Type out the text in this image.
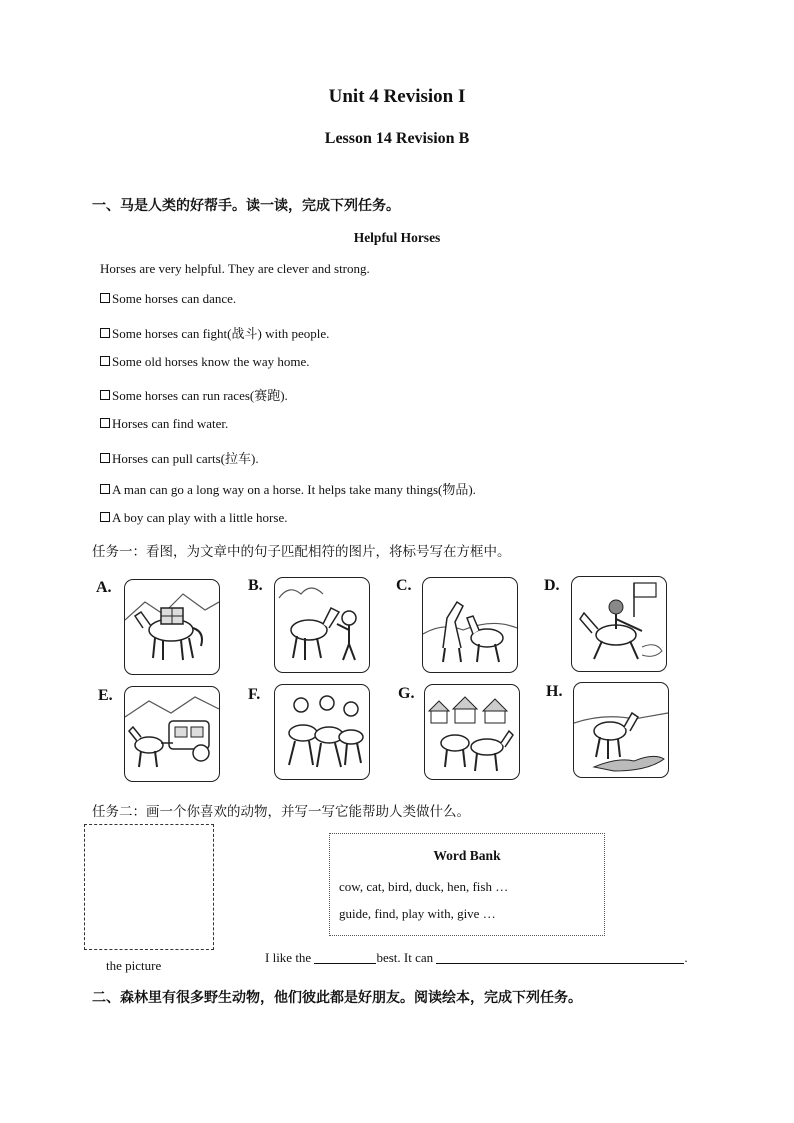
Unit 4 Revision I
Lesson 14 Revision B
一、马是人类的好帮手。读一读，完成下列任务。
Helpful Horses
Horses are very helpful. They are clever and strong.
Some horses can dance.
Some horses can fight(战斗) with people.
Some old horses know the way home.
Some horses can run races(赛跑).
Horses can find water.
Horses can pull carts(拉车).
A man can go a long way on a horse. It helps take many things(物品).
A boy can play with a little horse.
任务一：看图，为文章中的句子匹配相符的图片，将标号写在方框中。
A.	B.	C.	D.
E.	F.	G.	H.
任务二：画一个你喜欢的动物，并写一写它能帮助人类做什么。
the picture
Word Bank
cow, cat, bird, duck, hen, fish …
guide, find, play with, give …
I like the	best. It can	.
二、森林里有很多野生动物，他们彼此都是好朋友。阅读绘本，完成下列任务。
